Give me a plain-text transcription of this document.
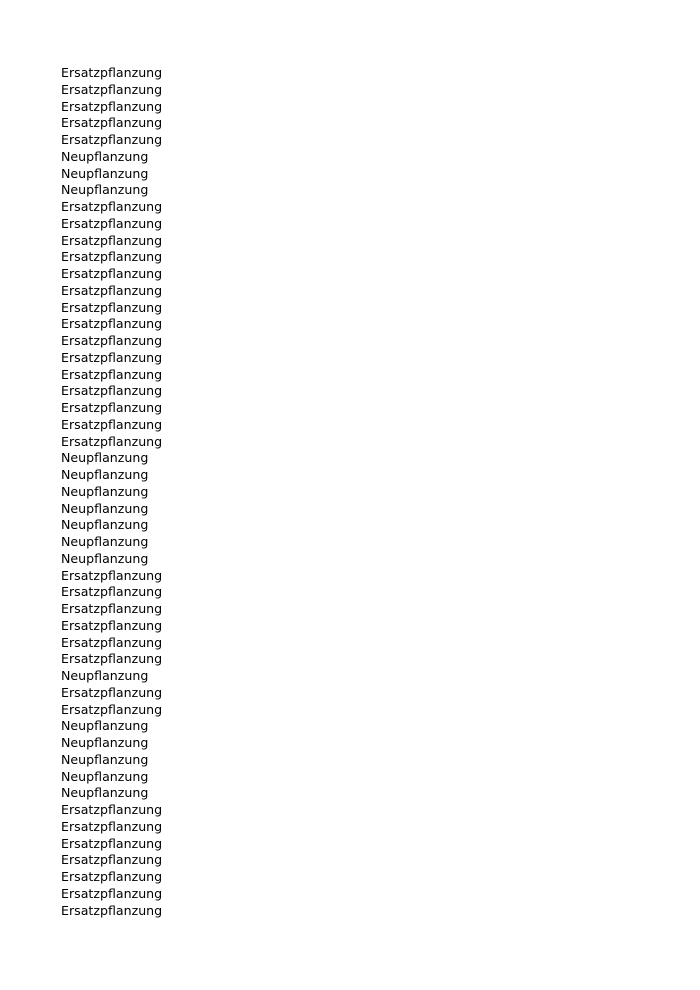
Ersatzpflanzung
Ersatzpflanzung
Ersatzpflanzung
Ersatzpflanzung
Ersatzpflanzung
Neupflanzung
Neupflanzung
Neupflanzung
Ersatzpflanzung
Ersatzpflanzung
Ersatzpflanzung
Ersatzpflanzung
Ersatzpflanzung
Ersatzpflanzung
Ersatzpflanzung
Ersatzpflanzung
Ersatzpflanzung
Ersatzpflanzung
Ersatzpflanzung
Ersatzpflanzung
Ersatzpflanzung
Ersatzpflanzung
Ersatzpflanzung
Neupflanzung
Neupflanzung
Neupflanzung
Neupflanzung
Neupflanzung
Neupflanzung
Neupflanzung
Ersatzpflanzung
Ersatzpflanzung
Ersatzpflanzung
Ersatzpflanzung
Ersatzpflanzung
Ersatzpflanzung
Neupflanzung
Ersatzpflanzung
Ersatzpflanzung
Neupflanzung
Neupflanzung
Neupflanzung
Neupflanzung
Neupflanzung
Ersatzpflanzung
Ersatzpflanzung
Ersatzpflanzung
Ersatzpflanzung
Ersatzpflanzung
Ersatzpflanzung
Ersatzpflanzung
